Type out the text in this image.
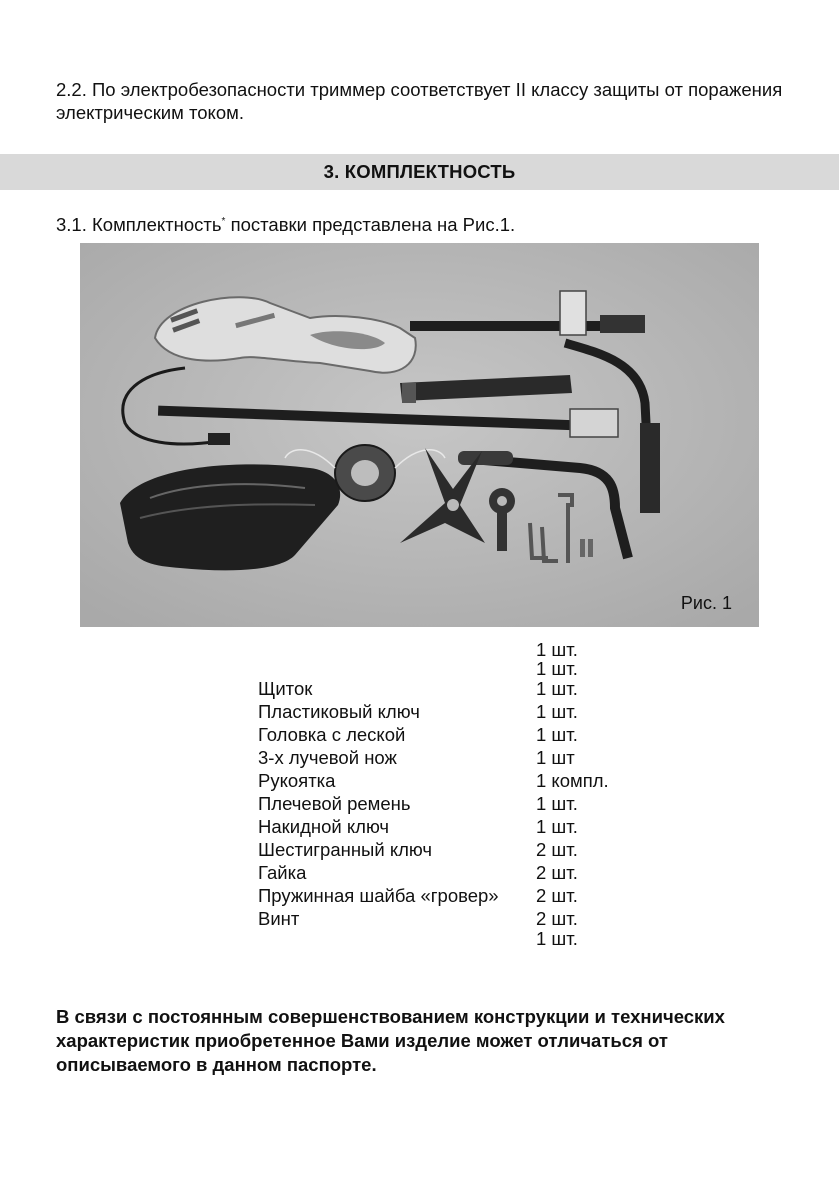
2.2. По электробезопасности триммер соответствует II классу защиты от поражения электрическим током.
3. КОМПЛЕКТНОСТЬ
3.1. Комплектность* поставки представлена на Рис.1.
Рис. 1
1 шт.
1 шт.
Щиток	1 шт.
Пластиковый ключ	1 шт.
Головка с леской	1 шт.
3-х лучевой нож	1 шт
Рукоятка	1 компл.
Плечевой ремень	1 шт.
Накидной ключ	1 шт.
Шестигранный ключ	2 шт.
Гайка	2 шт.
Пружинная шайба «гровер» 2 шт.
Винт	2 шт.
1 шт.
В связи с постоянным совершенствованием конструкции и технических характеристик приобретенное Вами изделие может отличаться от описываемого в данном паспорте.
